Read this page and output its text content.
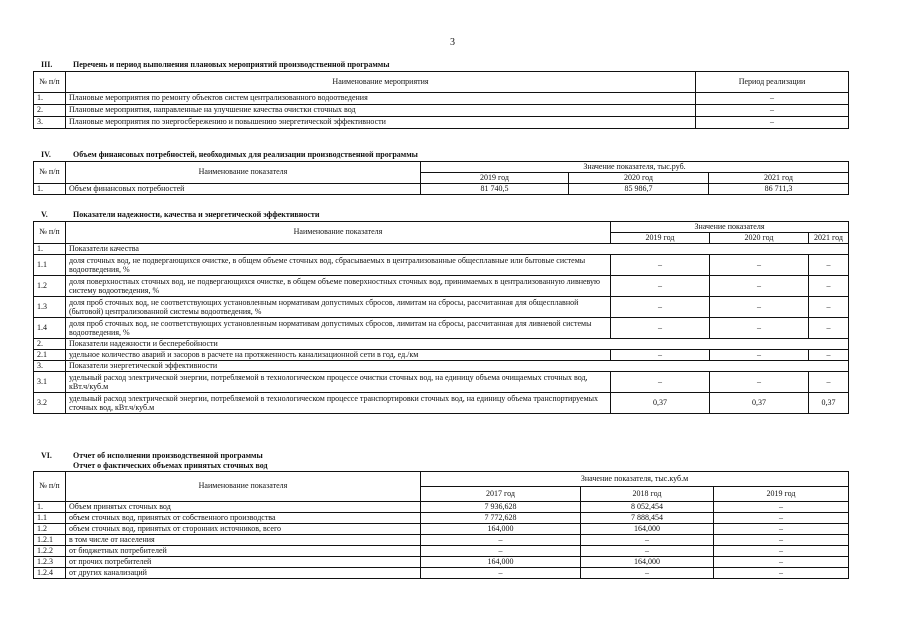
3
III.	Перечень и период выполнения плановых мероприятий производственной программы
№ п/п	Наименование мероприятия	Период реализации
1.	Плановые мероприятия по ремонту объектов систем централизованного водоотведения	–
2.	Плановые мероприятия, направленные на улучшение качества очистки сточных вод	–
3.	Плановые мероприятия по энергосбережению и повышению энергетической эффективности	–
IV.	Объем финансовых потребностей, необходимых для реализации производственной программы
№ п/п	Наименование показателя	Значение показателя, тыс.руб.		
		2019 год	2020 год	2021 год
1.	Объем финансовых потребностей	81 740,5	85 986,7	86 711,3
V.	Показатели надежности, качества и энергетической эффективности
№ п/п	Наименование показателя	Значение показателя		
		2019 год	2020 год	2021 год
1.	Показатели качества			
1.1	доля сточных вод, не подвергающихся очистке, в общем объеме сточных вод, сбрасываемых в централизованные общесплавные или бытовые системы водоотведения, %	–	–	–
1.2	доля поверхностных сточных вод, не подвергающихся очистке, в общем объеме поверхностных сточных вод, принимаемых в централизованную ливневую систему водоотведения, %	–	–	–
1.3	доля проб сточных вод, не соответствующих установленным нормативам допустимых сбросов, лимитам на сбросы, рассчитанная для общесплавной (бытовой) централизованной системы водоотведения, %	–	–	–
1.4	доля проб сточных вод, не соответствующих установленным нормативам допустимых сбросов, лимитам на сбросы, рассчитанная для ливневой системы водоотведения, %	–	–	–
2.	Показатели надежности и бесперебойности			
2.1	удельное количество аварий и засоров в расчете на протяженность канализационной сети в год, ед./км	–	–	–
3.	Показатели энергетической эффективности			
3.1	удельный расход электрической энергии, потребляемой в технологическом процессе очистки сточных вод, на единицу объема очищаемых сточных вод, кВт.ч/куб.м	–	–	–
3.2	удельный расход электрической энергии, потребляемой в технологическом процессе транспортировки сточных вод, на единицу объема транспортируемых сточных вод, кВт.ч/куб.м	0,37	0,37	0,37
VI.	Отчет об исполнении производственной программы
Отчет о фактических объемах принятых сточных вод
№ п/п	Наименование показателя	Значение показателя, тыс.куб.м		
		2017 год	2018 год	2019 год
1.	Объем принятых сточных вод	7 936,628	8 052,454	–
1.1	объем сточных вод, принятых от собственного производства	7 772,628	7 888,454	–
1.2	объем сточных вод, принятых от сторонних источников, всего	164,000	164,000	–
1.2.1	в том числе от населения	–	–	–
1.2.2	от бюджетных потребителей	–	–	–
1.2.3	от прочих потребителей	164,000	164,000	–
1.2.4	от других канализаций	–	–	–
